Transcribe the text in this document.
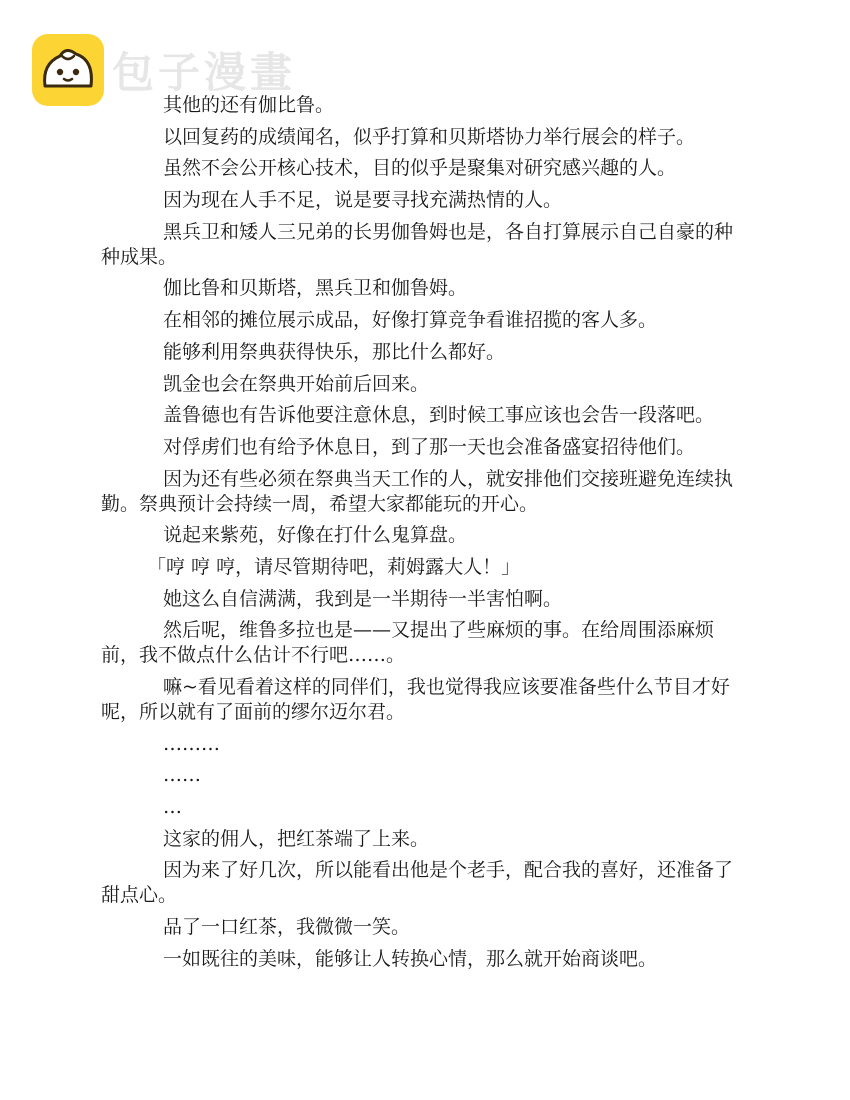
包子漫畫

其他的还有伽比鲁。

以回复药的成绩闻名，似乎打算和贝斯塔协力举行展会的样子。

虽然不会公开核心技术，目的似乎是聚集对研究感兴趣的人。

因为现在人手不足，说是要寻找充满热情的人。

黑兵卫和矮人三兄弟的长男伽鲁姆也是，各自打算展示自己自豪的种种成果。

伽比鲁和贝斯塔，黑兵卫和伽鲁姆。

在相邻的摊位展示成品，好像打算竞争看谁招揽的客人多。

能够利用祭典获得快乐，那比什么都好。

凯金也会在祭典开始前后回来。

盖鲁德也有告诉他要注意休息，到时候工事应该也会告一段落吧。

对俘虏们也有给予休息日，到了那一天也会准备盛宴招待他们。

因为还有些必须在祭典当天工作的人，就安排他们交接班避免连续执勤。祭典预计会持续一周，希望大家都能玩的开心。

说起来紫苑，好像在打什么鬼算盘。

「哼 哼 哼，请尽管期待吧，莉姆露大人！」

她这么自信满满，我到是一半期待一半害怕啊。

然后呢，维鲁多拉也是——又提出了些麻烦的事。在给周围添麻烦前，我不做点什么估计不行吧……。

嘛~看见看着这样的同伴们，我也觉得我应该要准备些什么节目才好呢，所以就有了面前的缪尔迈尔君。

………

……

…

这家的佣人，把红茶端了上来。

因为来了好几次，所以能看出他是个老手，配合我的喜好，还准备了甜点心。

品了一口红茶，我微微一笑。

一如既往的美味，能够让人转换心情，那么就开始商谈吧。
